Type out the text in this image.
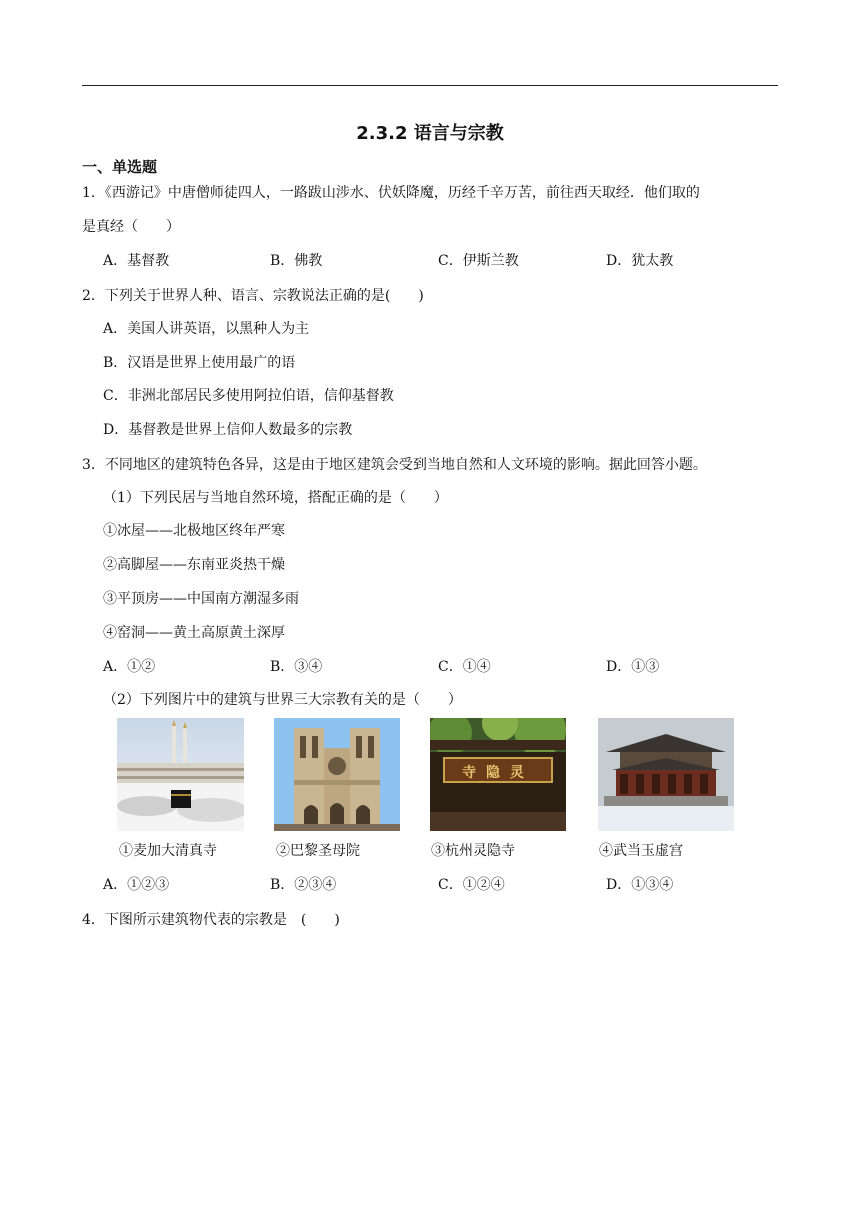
2.3.2 语言与宗教
一、单选题
1．《西游记》中唐僧师徒四人，一路跋山涉水、伏妖降魔，历经千辛万苦，前往西天取经．他们取的
是真经（　　）
A．基督教	B．佛教	C．伊斯兰教	D．犹太教
2．下列关于世界人种、语言、宗教说法正确的是(　　)
A．美国人讲英语，以黑种人为主
B．汉语是世界上使用最广的语
C．非洲北部居民多使用阿拉伯语，信仰基督教
D．基督教是世界上信仰人数最多的宗教
3．不同地区的建筑特色各异，这是由于地区建筑会受到当地自然和人文环境的影响。据此回答小题。
（1）下列民居与当地自然环境，搭配正确的是（　　）
①冰屋——北极地区终年严寒
②高脚屋——东南亚炎热干燥
③平顶房——中国南方潮湿多雨
④窑洞——黄土高原黄土深厚
A．①②	B．③④	C．①④	D．①③
（2）下列图片中的建筑与世界三大宗教有关的是（　　）
寺隐灵
①麦加大清真寺	②巴黎圣母院	③杭州灵隐寺	④武当玉虚宫
A．①②③	B．②③④	C．①②④	D．①③④
4．下图所示建筑物代表的宗教是　(　　)
